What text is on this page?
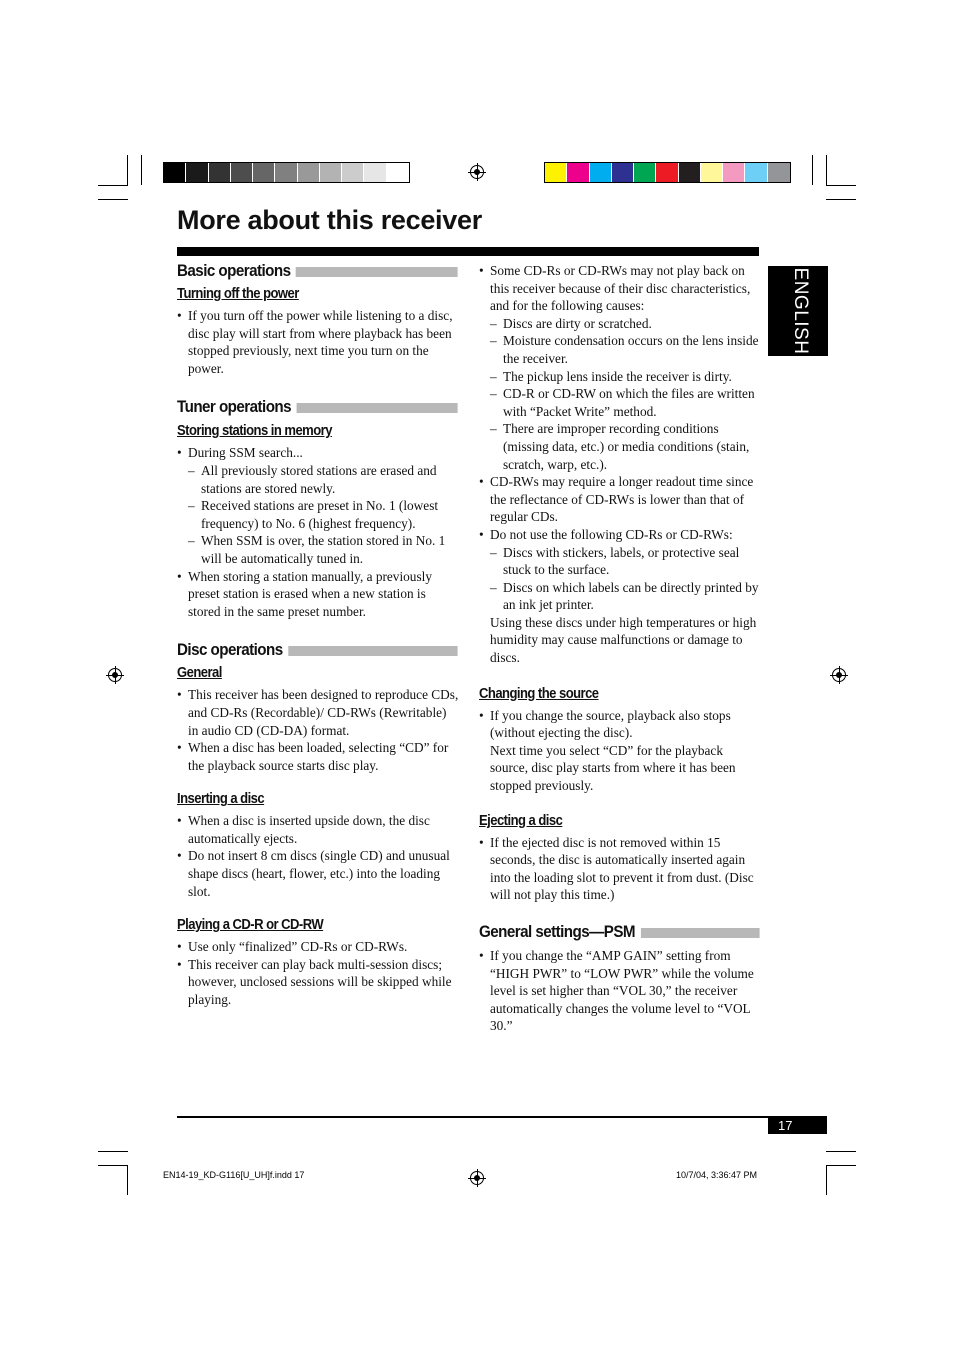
More about this receiver
ENGLISH
Basic operations
Turning off the power
• If you turn off the power while listening to a disc, disc play will start from where playback has been stopped previously, next time you turn on the power.
Tuner operations
Storing stations in memory
• During SSM search...
– All previously stored stations are erased and stations are stored newly.
– Received stations are preset in No. 1 (lowest frequency) to No. 6 (highest frequency).
– When SSM is over, the station stored in No. 1 will be automatically tuned in.
• When storing a station manually, a previously preset station is erased when a new station is stored in the same preset number.
Disc operations
General
• This receiver has been designed to reproduce CDs, and CD-Rs (Recordable)/ CD-RWs (Rewritable) in audio CD (CD-DA) format.
• When a disc has been loaded, selecting “CD” for the playback source starts disc play.
Inserting a disc
• When a disc is inserted upside down, the disc automatically ejects.
• Do not insert 8 cm discs (single CD) and unusual shape discs (heart, flower, etc.) into the loading slot.
Playing a CD-R or CD-RW
• Use only “finalized” CD-Rs or CD-RWs.
• This receiver can play back multi-session discs; however, unclosed sessions will be skipped while playing.
• Some CD-Rs or CD-RWs may not play back on this receiver because of their disc characteristics, and for the following causes:
– Discs are dirty or scratched.
– Moisture condensation occurs on the lens inside the receiver.
– The pickup lens inside the receiver is dirty.
– CD-R or CD-RW on which the files are written with “Packet Write” method.
– There are improper recording conditions (missing data, etc.) or media conditions (stain, scratch, warp, etc.).
• CD-RWs may require a longer readout time since the reflectance of CD-RWs is lower than that of regular CDs.
• Do not use the following CD-Rs or CD-RWs:
– Discs with stickers, labels, or protective seal stuck to the surface.
– Discs on which labels can be directly printed by an ink jet printer.
Using these discs under high temperatures or high humidity may cause malfunctions or damage to discs.
Changing the source
• If you change the source, playback also stops (without ejecting the disc).
Next time you select “CD” for the playback source, disc play starts from where it has been stopped previously.
Ejecting a disc
• If the ejected disc is not removed within 15 seconds, the disc is automatically inserted again into the loading slot to prevent it from dust. (Disc will not play this time.)
General settings—PSM
• If you change the “AMP GAIN” setting from “HIGH PWR” to “LOW PWR” while the volume level is set higher than “VOL 30,” the receiver automatically changes the volume level to “VOL 30.”
17
EN14-19_KD-G116[U_UH]f.indd 17	10/7/04, 3:36:47 PM
